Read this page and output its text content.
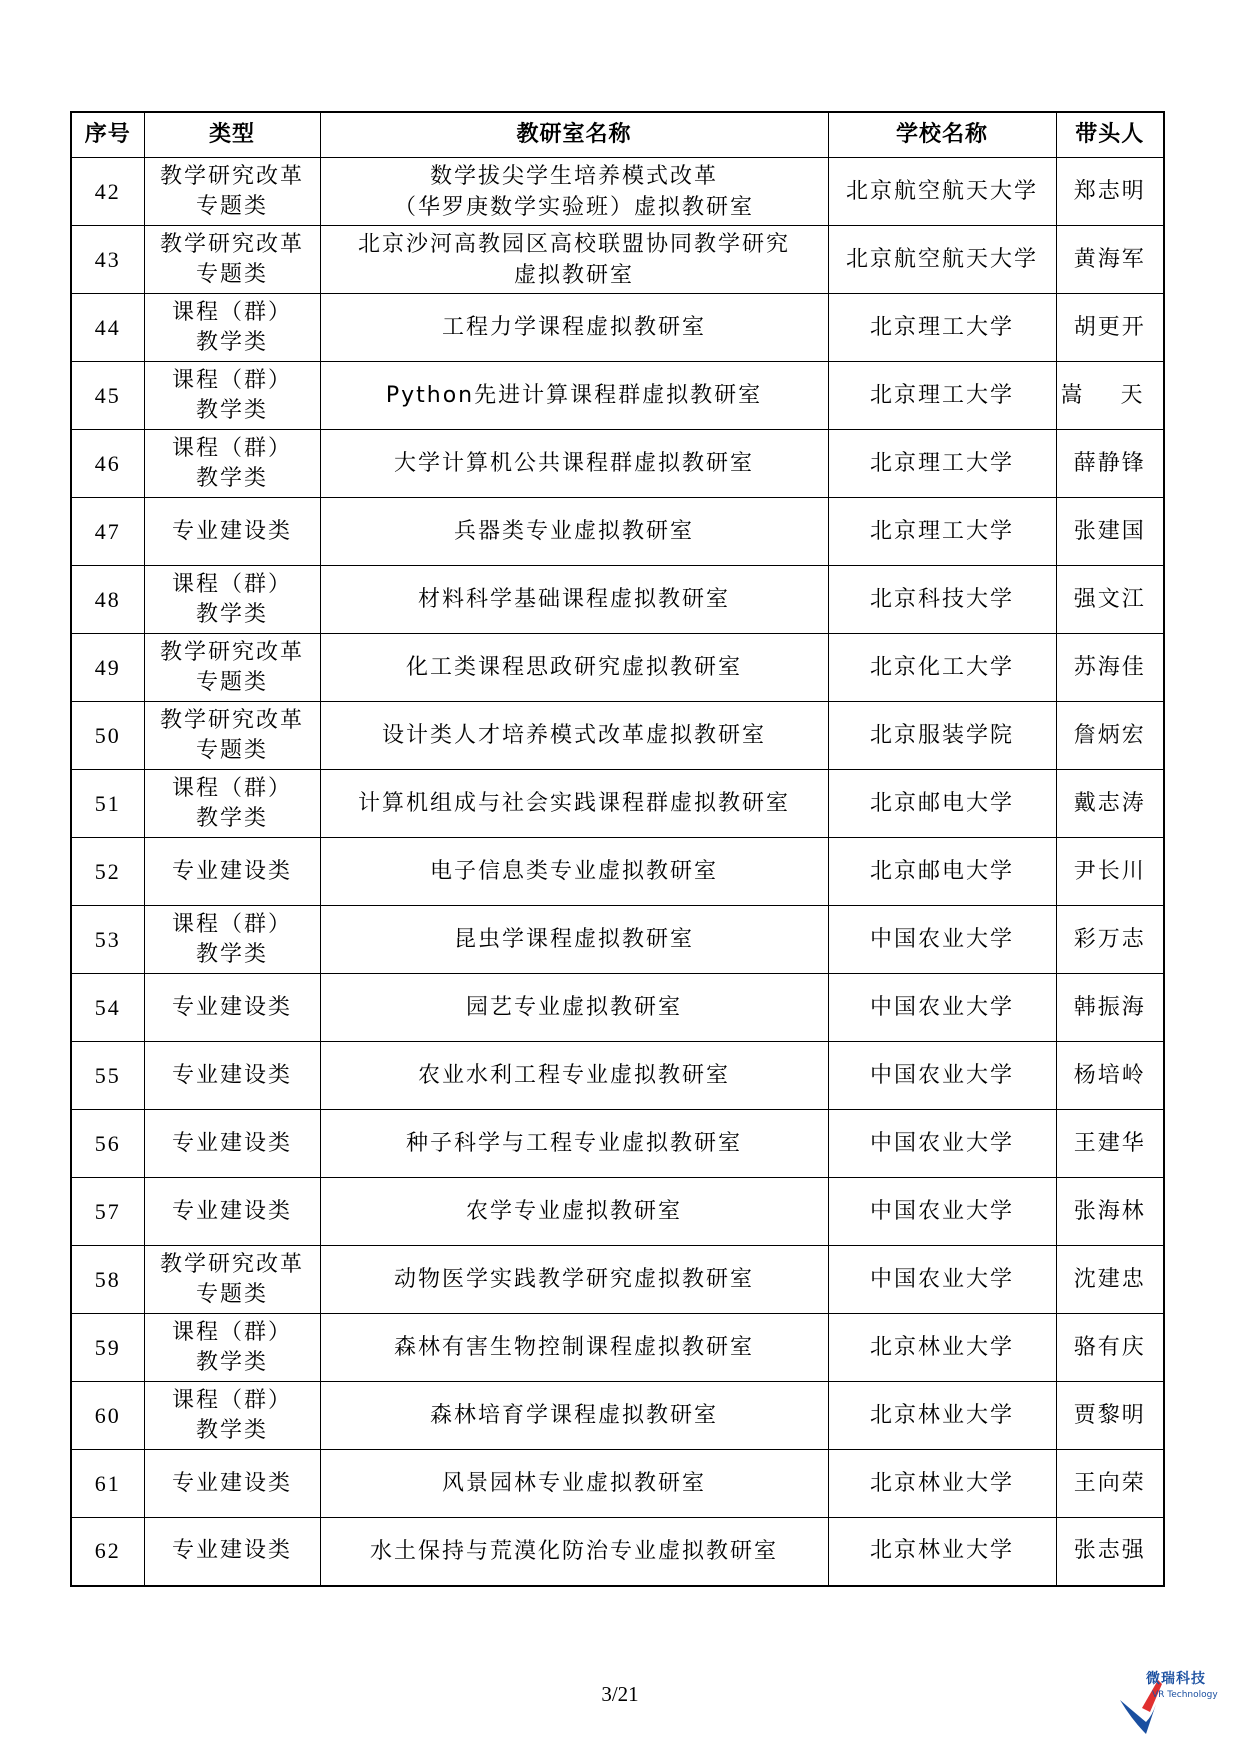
序号	类型	教研室名称	学校名称	带头人
42	教学研究改革
专题类	数学拔尖学生培养模式改革
（华罗庚数学实验班）虚拟教研室	北京航空航天大学	郑志明
43	教学研究改革
专题类	北京沙河高教园区高校联盟协同教学研究
虚拟教研室	北京航空航天大学	黄海军
44	课程（群）
教学类	工程力学课程虚拟教研室	北京理工大学	胡更开
45	课程（群）
教学类	Python先进计算课程群虚拟教研室	北京理工大学	嵩天
46	课程（群）
教学类	大学计算机公共课程群虚拟教研室	北京理工大学	薛静锋
47	专业建设类	兵器类专业虚拟教研室	北京理工大学	张建国
48	课程（群）
教学类	材料科学基础课程虚拟教研室	北京科技大学	强文江
49	教学研究改革
专题类	化工类课程思政研究虚拟教研室	北京化工大学	苏海佳
50	教学研究改革
专题类	设计类人才培养模式改革虚拟教研室	北京服装学院	詹炳宏
51	课程（群）
教学类	计算机组成与社会实践课程群虚拟教研室	北京邮电大学	戴志涛
52	专业建设类	电子信息类专业虚拟教研室	北京邮电大学	尹长川
53	课程（群）
教学类	昆虫学课程虚拟教研室	中国农业大学	彩万志
54	专业建设类	园艺专业虚拟教研室	中国农业大学	韩振海
55	专业建设类	农业水利工程专业虚拟教研室	中国农业大学	杨培岭
56	专业建设类	种子科学与工程专业虚拟教研室	中国农业大学	王建华
57	专业建设类	农学专业虚拟教研室	中国农业大学	张海林
58	教学研究改革
专题类	动物医学实践教学研究虚拟教研室	中国农业大学	沈建忠
59	课程（群）
教学类	森林有害生物控制课程虚拟教研室	北京林业大学	骆有庆
60	课程（群）
教学类	森林培育学课程虚拟教研室	北京林业大学	贾黎明
61	专业建设类	风景园林专业虚拟教研室	北京林业大学	王向荣
62	专业建设类	水土保持与荒漠化防治专业虚拟教研室	北京林业大学	张志强
3/21
微瑞科技
VR Technology
